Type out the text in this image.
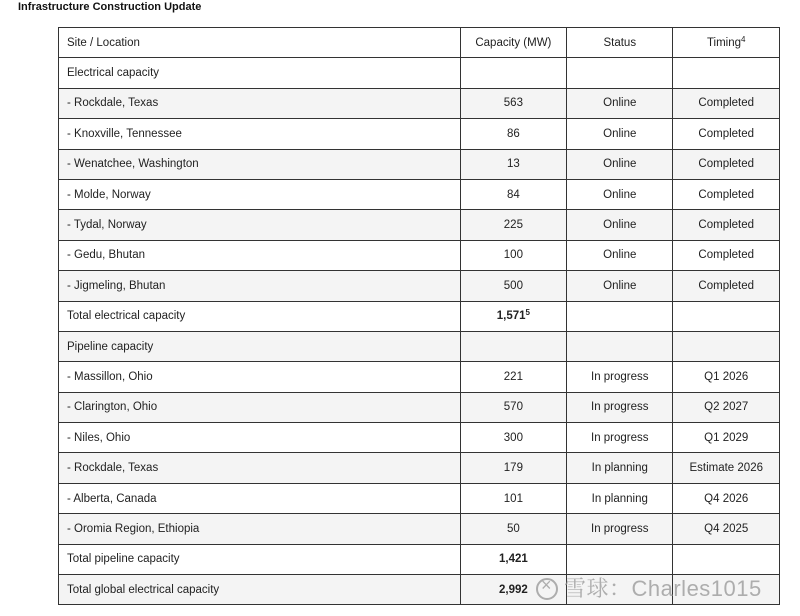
Infrastructure Construction Update
Site / Location	Capacity (MW)	Status	Timing$^4$
Electrical capacity			
- Rockdale, Texas	563	Online	Completed
- Knoxville, Tennessee	86	Online	Completed
- Wenatchee, Washington	13	Online	Completed
- Molde, Norway	84	Online	Completed
- Tydal, Norway	225	Online	Completed
- Gedu, Bhutan	100	Online	Completed
- Jigmeling, Bhutan	500	Online	Completed
Total electrical capacity	1,571$^5$		
Pipeline capacity			
- Massillon, Ohio	221	In progress	Q1 2026
- Clarington, Ohio	570	In progress	Q2 2027
- Niles, Ohio	300	In progress	Q1 2029
- Rockdale, Texas	179	In planning	Estimate 2026
- Alberta, Canada	101	In planning	Q4 2026
- Oromia Region, Ethiopia	50	In progress	Q4 2025
Total pipeline capacity	1,421		
Total global electrical capacity	2,992		×	雪球：Charles1015
